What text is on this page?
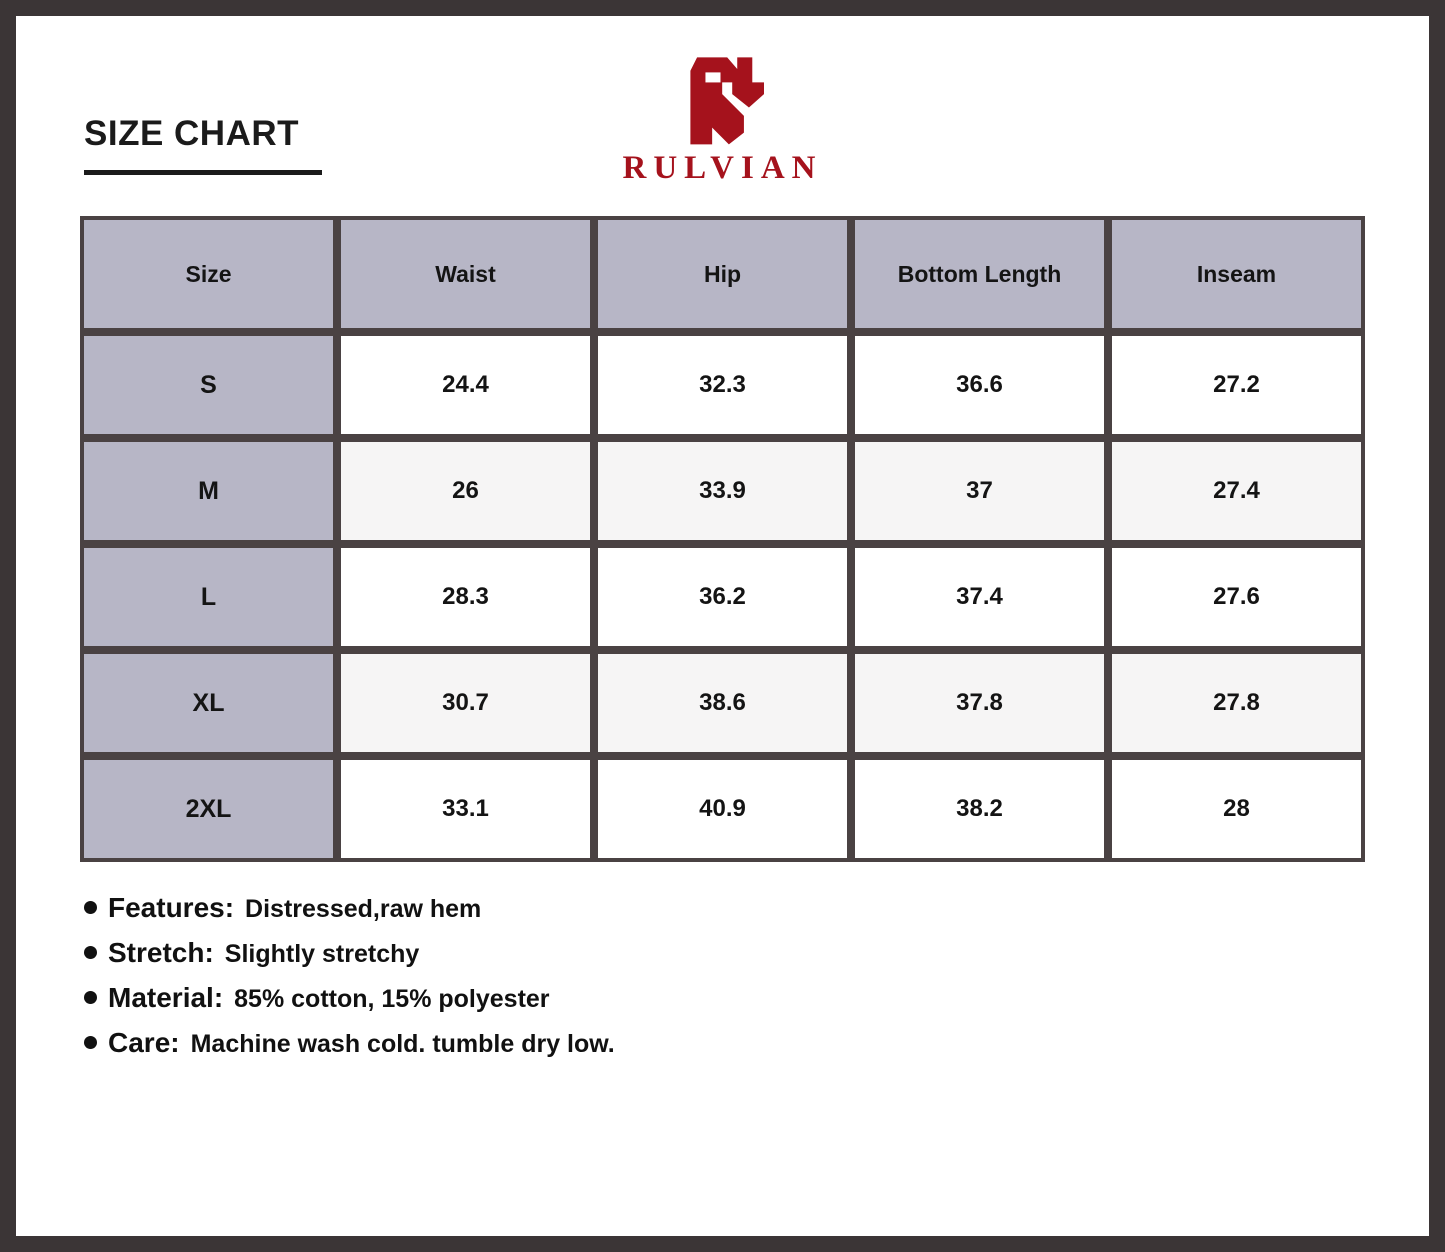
SIZE CHART
RULVIAN
Size	Waist	Hip	Bottom Length	Inseam
S	24.4	32.3	36.6	27.2
M	26	33.9	37	27.4
L	28.3	36.2	37.4	27.6
XL	30.7	38.6	37.8	27.8
2XL	33.1	40.9	38.2	28
Features: Distressed,raw hem
Stretch: Slightly stretchy
Material: 85% cotton, 15% polyester
Care: Machine wash cold. tumble dry low.
